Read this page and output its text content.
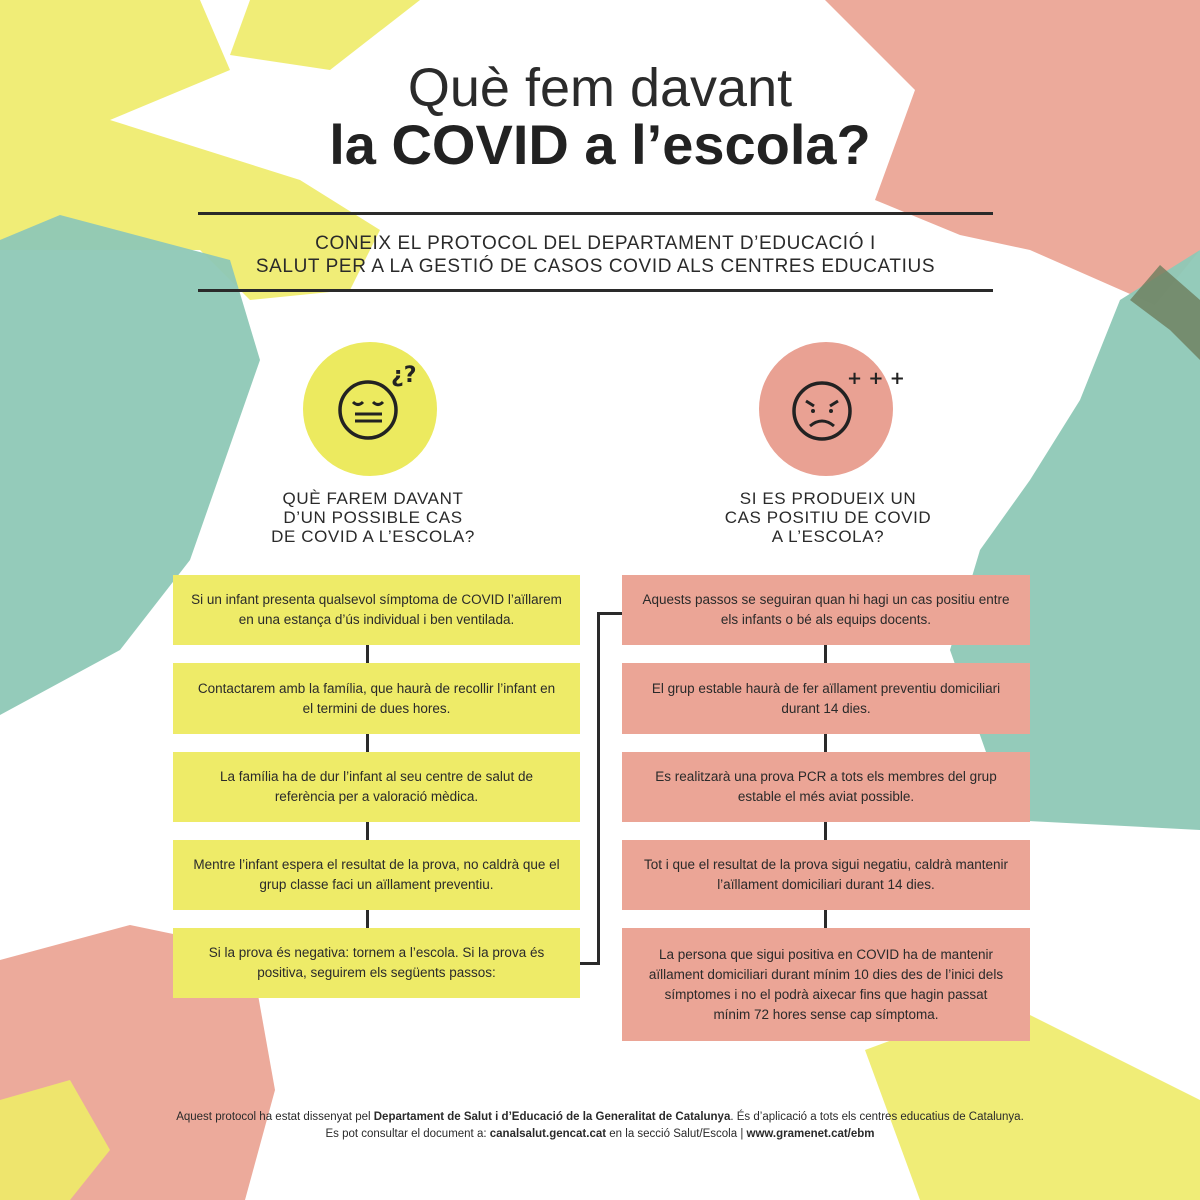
Què fem davant
la COVID a l’escola?
CONEIX EL PROTOCOL DEL DEPARTAMENT D’EDUCACIÓ I
SALUT PER A LA GESTIÓ DE CASOS COVID ALS CENTRES EDUCATIUS
¿?	+ + +
QUÈ FAREM DAVANT
D’UN POSSIBLE CAS
DE COVID A L’ESCOLA?
SI ES PRODUEIX UN
CAS POSITIU DE COVID
A L’ESCOLA?
Si un infant presenta qualsevol símptoma de COVID l’aïllarem en una estança d’ús individual i ben ventilada.
Contactarem amb la família, que haurà de recollir l’infant en el termini de dues hores.
La família ha de dur l’infant al seu centre de salut de referència per a valoració mèdica.
Mentre l’infant espera el resultat de la prova, no caldrà que el grup classe faci un aïllament preventiu.
Si la prova és negativa: tornem a l’escola. Si la prova és positiva, seguirem els següents passos:
Aquests passos se seguiran quan hi hagi un cas positiu entre els infants o bé als equips docents.
El grup estable haurà de fer aïllament preventiu domiciliari durant 14 dies.
Es realitzarà una prova PCR a tots els membres del grup estable el més aviat possible.
Tot i que el resultat de la prova sigui negatiu, caldrà mantenir l’aïllament domiciliari durant 14 dies.
La persona que sigui positiva en COVID ha de mantenir aïllament domiciliari durant mínim 10 dies des de l’inici dels símptomes i no el podrà aixecar fins que hagin passat mínim 72 hores sense cap símptoma.
Aquest protocol ha estat dissenyat pel Departament de Salut i d’Educació de la Generalitat de Catalunya. És d’aplicació a tots els centres educatius de Catalunya.
Es pot consultar el document a: canalsalut.gencat.cat en la secció Salut/Escola | www.gramenet.cat/ebm
